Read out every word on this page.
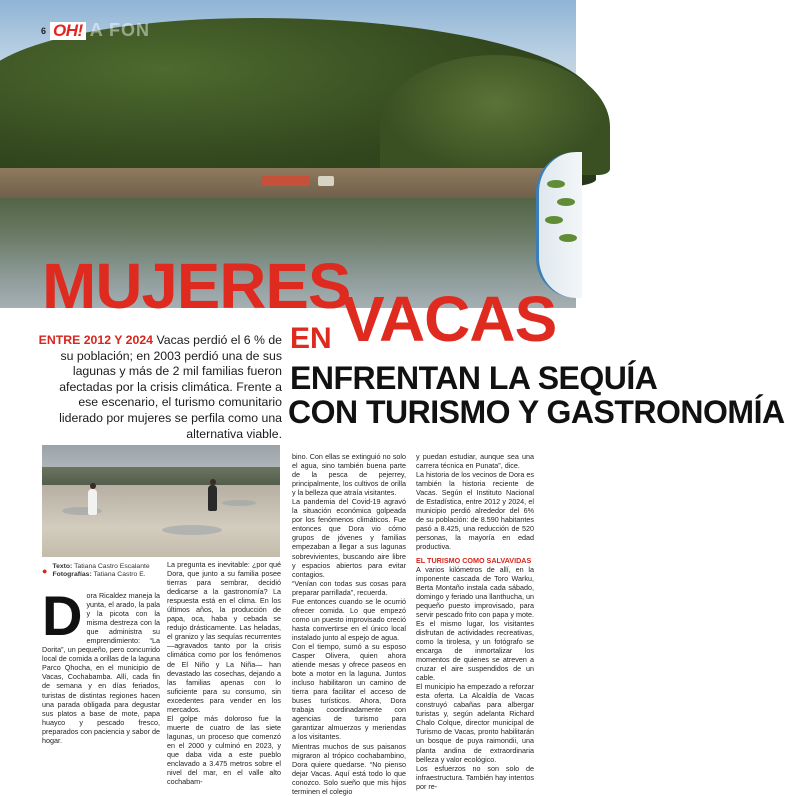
6 OH! A FON
MUJERES
EN VACAS
ENFRENTAN LA SEQUÍA
CON TURISMO Y GASTRONOMÍA
ENTRE 2012 Y 2024 Vacas perdió el 6 % de su población; en 2003 perdió una de sus lagunas y más de 2 mil familias fueron afectadas por la crisis climática. Frente a ese escenario, el turismo comunitario liderado por mujeres se perfila como una alternativa viable.
● Texto: Tatiana Castro Escalante
Fotografías: Tatiana Castro E.
D ora Ricaldez maneja la yunta, el arado, la pala y la picota con la misma destreza con la que administra su emprendimiento: “La Dorita”, un pequeño, pero concurrido local de comida a orillas de la laguna Parco Qhocha, en el municipio de Vacas, Cochabamba. Allí, cada fin de semana y en días feriados, turistas de distintas regiones hacen una parada obligada para degustar sus platos a base de mote, papa huayco y pescado fresco, preparados con paciencia y sabor de hogar.

La pregunta es inevitable: ¿por qué Dora, que junto a su familia posee tierras para sembrar, decidió dedicarse a la gastronomía? La respuesta está en el clima. En los últimos años, la producción de papa, oca, haba y cebada se redujo drásticamente. Las heladas, el granizo y las sequías recurrentes —agravados tanto por la crisis climática como por los fenómenos de El Niño y La Niña— han devastado las cosechas, dejando a las familias apenas con lo suficiente para su consumo, sin excedentes para vender en los mercados.

El golpe más doloroso fue la muerte de cuatro de las siete lagunas, un proceso que comenzó en el 2000 y culminó en 2023, y que daba vida a este pueblo enclavado a 3.475 metros sobre el nivel del mar, en el valle alto cochabam-

bino. Con ellas se extinguió no solo el agua, sino también buena parte de la pesca de pejerrey, principalmente, los cultivos de orilla y la belleza que atraía visitantes.

La pandemia del Covid-19 agravó la situación económica golpeada por los fenómenos climáticos. Fue entonces que Dora vio cómo grupos de jóvenes y familias empezaban a llegar a sus lagunas sobrevivientes, buscando aire libre y espacios abiertos para evitar contagios.

“Venían con todas sus cosas para preparar parrillada”, recuerda.

Fue entonces cuando se le ocurrió ofrecer comida. Lo que empezó como un puesto improvisado creció hasta convertirse en el único local instalado junto al espejo de agua.

Con el tiempo, sumó a su esposo Casper Olivera, quien ahora atiende mesas y ofrece paseos en bote a motor en la laguna. Juntos incluso habilitaron un camino de tierra para facilitar el acceso de buses turísticos. Ahora, Dora trabaja coordinadamente con agencias de turismo para garantizar almuerzos y meriendas a los visitantes.

Mientras muchos de sus paisanos migraron al trópico cochabambino, Dora quiere quedarse. “No pienso dejar Vacas. Aquí está todo lo que conozco. Solo sueño que mis hijos terminen el colegio

y puedan estudiar, aunque sea una carrera técnica en Punata”, dice.

La historia de los vecinos de Dora es también la historia reciente de Vacas. Según el Instituto Nacional de Estadística, entre 2012 y 2024, el municipio perdió alrededor del 6% de su población: de 8.590 habitantes pasó a 8.425, una reducción de 520 personas, la mayoría en edad productiva.

EL TURISMO COMO SALVAVIDAS

A varios kilómetros de allí, en la imponente cascada de Toro Warku, Berta Montaño instala cada sábado, domingo y feriado una llanthucha, un pequeño puesto improvisado, para servir pescado frito con papa y mote. Es el mismo lugar, los visitantes disfrutan de actividades recreativas, como la tirolesa, y un fotógrafo se encarga de inmortalizar los momentos de quienes se atreven a cruzar el aire suspendidos de un cable.

El municipio ha empezado a reforzar esta oferta. La Alcaldía de Vacas construyó cabañas para albergar turistas y, según adelanta Richard Chalo Colque, director municipal de Turismo de Vacas, pronto habilitarán un bosque de puya raimondii, una planta andina de extraordinaria belleza y valor ecológico.

Los esfuerzos no son solo de infraestructura. También hay intentos por re-
